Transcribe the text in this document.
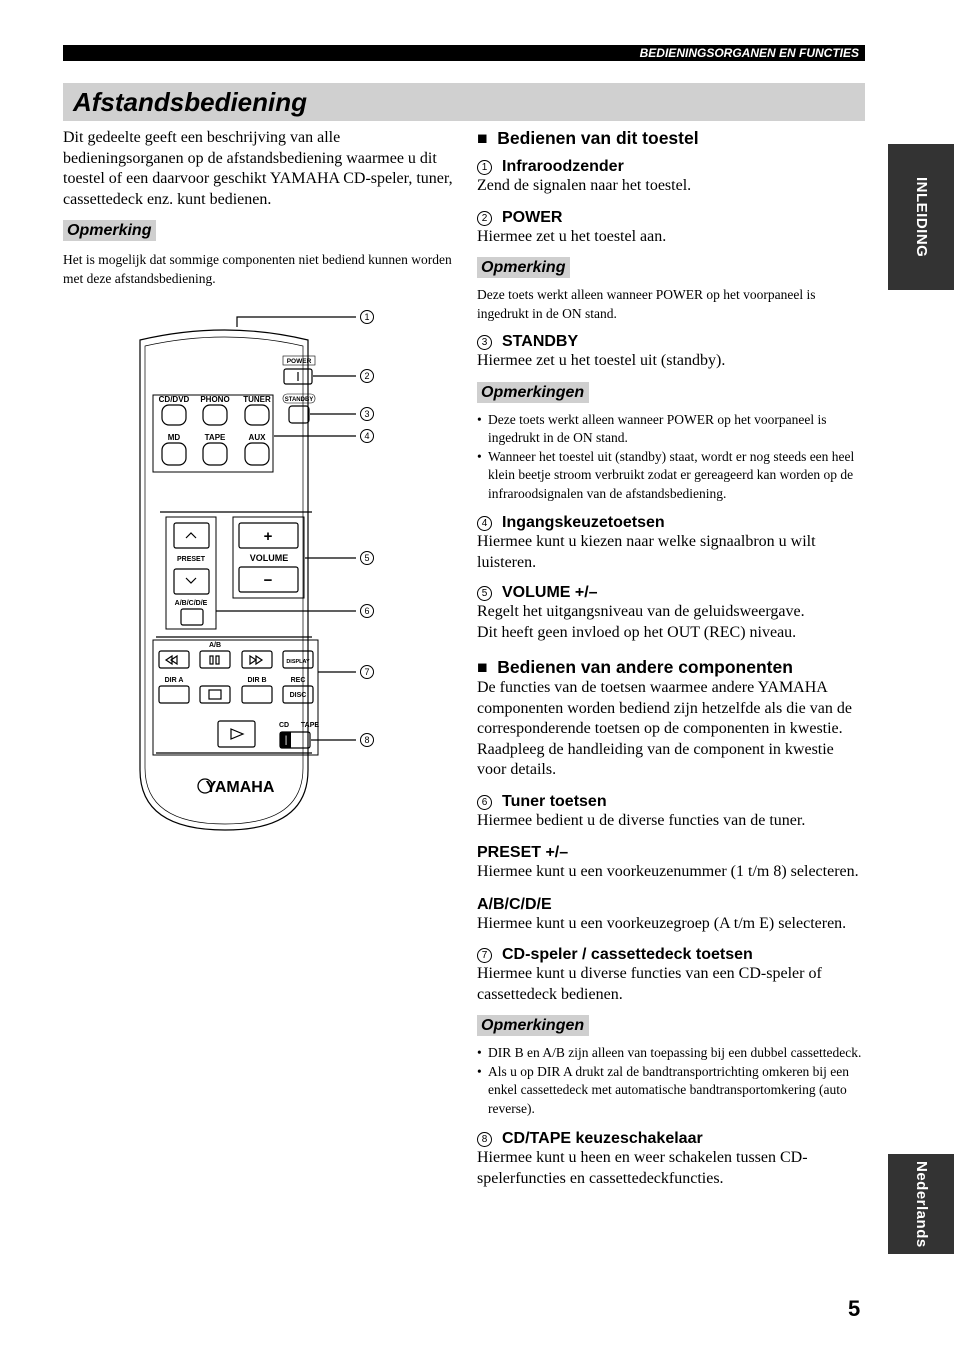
BEDIENINGSORGANEN EN FUNCTIES
Afstandsbediening

Dit gedeelte geeft een beschrijving van alle bedieningsorganen op de afstandsbediening waarmee u dit toestel of een daarvoor geschikt YAMAHA CD-speler, tuner, cassettedeck enz. kunt bedienen.

Opmerking

Het is mogelijk dat sommige componenten niet bediend kunnen worden met deze afstandsbediening.

1
2
3
4
5
6
7
8
POWER
STANDBY
CD/DVD PHONO TUNER
MD	TAPE	AUX
PRESET	VOLUME
A/B/C/D/E
A/B
DISPLAY
DIR A	DIR B	REC
DISC
CD TAPE
+
−
|
YAMAHA

■  Bedienen van dit toestel

1 Infraroodzender

Zend de signalen naar het toestel.

2 POWER

Hiermee zet u het toestel aan.

Opmerking

Deze toets werkt alleen wanneer POWER op het voorpaneel is ingedrukt in de ON stand.

3 STANDBY

Hiermee zet u het toestel uit (standby).

Opmerkingen
• Deze toets werkt alleen wanneer POWER op het voorpaneel is ingedrukt in de ON stand.
• Wanneer het toestel uit (standby) staat, wordt er nog steeds een heel klein beetje stroom verbruikt zodat er gereageerd kan worden op de infraroodsignalen van de afstandsbediening.

4 Ingangskeuzetoetsen

Hiermee kunt u kiezen naar welke signaalbron u wilt luisteren.

5 VOLUME +/–

Regelt het uitgangsniveau van de geluidsweergave.

Dit heeft geen invloed op het OUT (REC) niveau.

■  Bedienen van andere componenten

De functies van de toetsen waarmee andere YAMAHA componenten worden bediend zijn hetzelfde als die van de corresponderende toetsen op de componenten in kwestie. Raadpleeg de handleiding van de component in kwestie voor details.

6 Tuner toetsen

Hiermee bedient u de diverse functies van de tuner.

PRESET +/–

Hiermee kunt u een voorkeuzenummer (1 t/m 8) selecteren.

A/B/C/D/E

Hiermee kunt u een voorkeuzegroep (A t/m E) selecteren.

7 CD-speler / cassettedeck toetsen

Hiermee kunt u diverse functies van een CD-speler of cassettedeck bedienen.

Opmerkingen
• DIR B en A/B zijn alleen van toepassing bij een dubbel cassettedeck.
• Als u op DIR A drukt zal de bandtransportrichting omkeren bij een enkel cassettedeck met automatische bandtransportomkering (auto reverse).

8 CD/TAPE keuzeschakelaar

Hiermee kunt u heen en weer schakelen tussen CD-spelerfuncties en cassettedeckfuncties.

INLEIDING
Nederlands
5
